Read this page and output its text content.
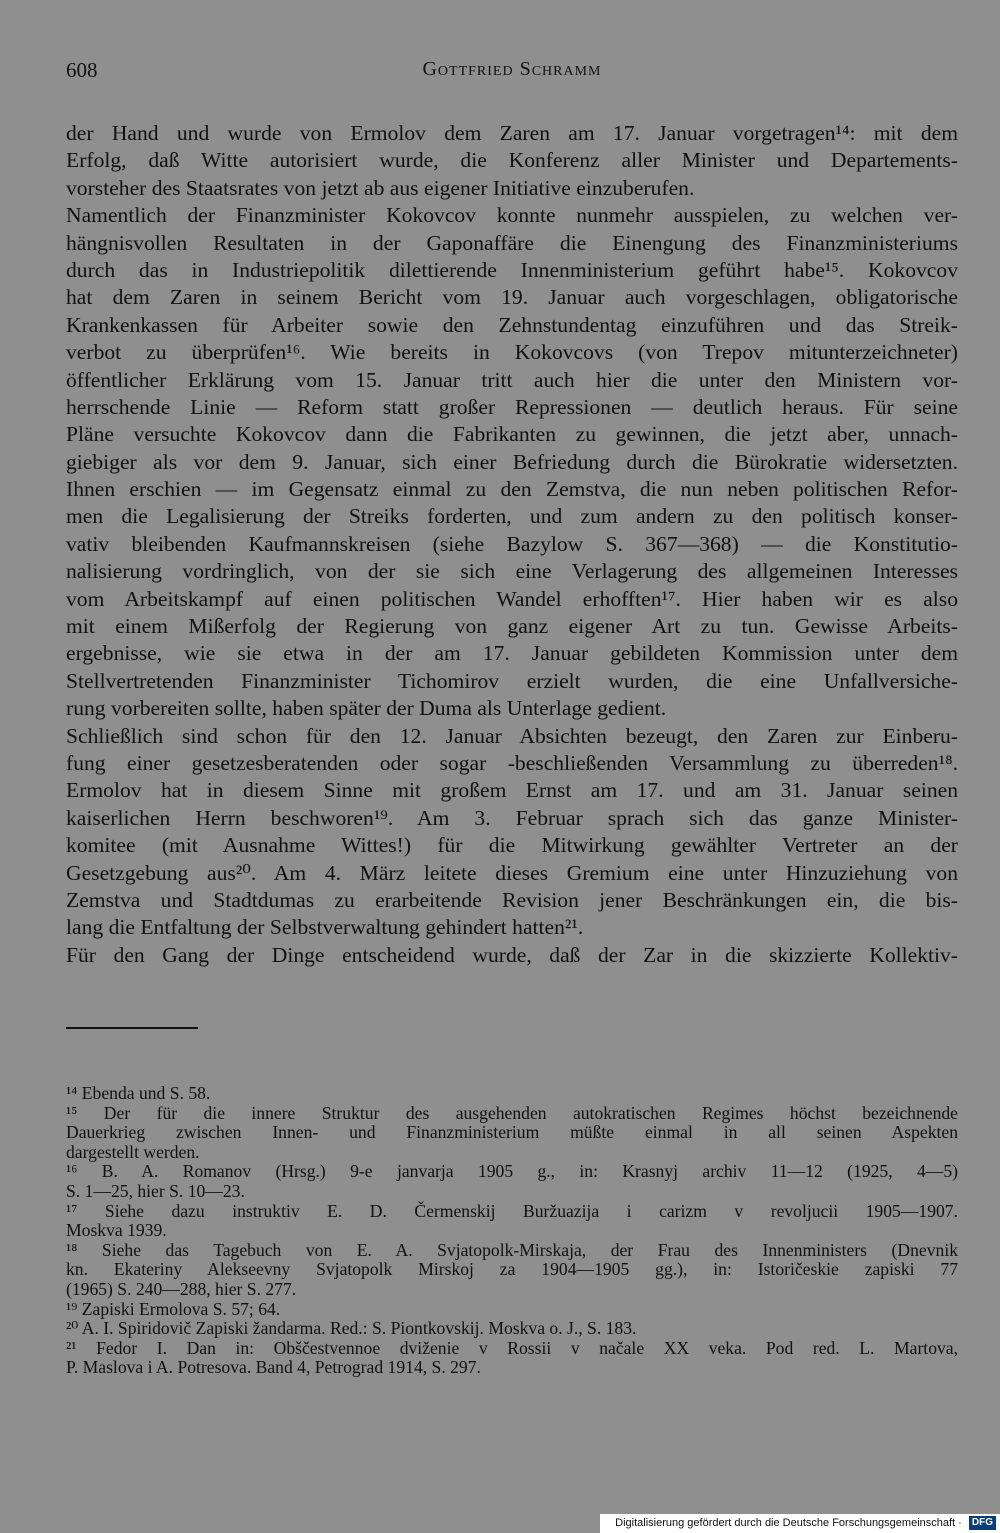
608	Gottfried Schramm
der Hand und wurde von Ermolov dem Zaren am 17. Januar vorgetragen¹⁴: mit dem
Erfolg, daß Witte autorisiert wurde, die Konferenz aller Minister und Departements-
vorsteher des Staatsrates von jetzt ab aus eigener Initiative einzuberufen.
Namentlich der Finanzminister Kokovcov konnte nunmehr ausspielen, zu welchen ver-
hängnisvollen Resultaten in der Gaponaffäre die Einengung des Finanzministeriums
durch das in Industriepolitik dilettierende Innenministerium geführt habe¹⁵. Kokovcov
hat dem Zaren in seinem Bericht vom 19. Januar auch vorgeschlagen, obligatorische
Krankenkassen für Arbeiter sowie den Zehnstundentag einzuführen und das Streik-
verbot zu überprüfen¹⁶. Wie bereits in Kokovcovs (von Trepov mitunterzeichneter)
öffentlicher Erklärung vom 15. Januar tritt auch hier die unter den Ministern vor-
herrschende Linie — Reform statt großer Repressionen — deutlich heraus. Für seine
Pläne versuchte Kokovcov dann die Fabrikanten zu gewinnen, die jetzt aber, unnach-
giebiger als vor dem 9. Januar, sich einer Befriedung durch die Bürokratie widersetzten.
Ihnen erschien — im Gegensatz einmal zu den Zemstva, die nun neben politischen Refor-
men die Legalisierung der Streiks forderten, und zum andern zu den politisch konser-
vativ bleibenden Kaufmannskreisen (siehe Bazylow S. 367—368) — die Konstitutio-
nalisierung vordringlich, von der sie sich eine Verlagerung des allgemeinen Interesses
vom Arbeitskampf auf einen politischen Wandel erhofften¹⁷. Hier haben wir es also
mit einem Mißerfolg der Regierung von ganz eigener Art zu tun. Gewisse Arbeits-
ergebnisse, wie sie etwa in der am 17. Januar gebildeten Kommission unter dem
Stellvertretenden Finanzminister Tichomirov erzielt wurden, die eine Unfallversiche-
rung vorbereiten sollte, haben später der Duma als Unterlage gedient.
Schließlich sind schon für den 12. Januar Absichten bezeugt, den Zaren zur Einberu-
fung einer gesetzesberatenden oder sogar -beschließenden Versammlung zu überreden¹⁸.
Ermolov hat in diesem Sinne mit großem Ernst am 17. und am 31. Januar seinen
kaiserlichen Herrn beschworen¹⁹. Am 3. Februar sprach sich das ganze Minister-
komitee (mit Ausnahme Wittes!) für die Mitwirkung gewählter Vertreter an der
Gesetzgebung aus²⁰. Am 4. März leitete dieses Gremium eine unter Hinzuziehung von
Zemstva und Stadtdumas zu erarbeitende Revision jener Beschränkungen ein, die bis-
lang die Entfaltung der Selbstverwaltung gehindert hatten²¹.
Für den Gang der Dinge entscheidend wurde, daß der Zar in die skizzierte Kollektiv-
¹⁴ Ebenda und S. 58.
¹⁵ Der für die innere Struktur des ausgehenden autokratischen Regimes höchst bezeichnende
Dauerkrieg zwischen Innen- und Finanzministerium müßte einmal in all seinen Aspekten
dargestellt werden.
¹⁶ B. A. Romanov (Hrsg.) 9-e janvarja 1905 g., in: Krasnyj archiv 11—12 (1925, 4—5)
S. 1—25, hier S. 10—23.
¹⁷ Siehe dazu instruktiv E. D. Čermenskij Buržuazija i carizm v revoljucii 1905—1907.
Moskva 1939.
¹⁸ Siehe das Tagebuch von E. A. Svjatopolk-Mirskaja, der Frau des Innenministers (Dnevnik
kn. Ekateriny Alekseevny Svjatopolk Mirskoj za 1904—1905 gg.), in: Istoričeskie zapiski 77
(1965) S. 240—288, hier S. 277.
¹⁹ Zapiski Ermolova S. 57; 64.
²⁰ A. I. Spiridovič Zapiski žandarma. Red.: S. Piontkovskij. Moskva o. J., S. 183.
²¹ Fedor I. Dan in: Obščestvennoe dviženie v Rossii v načale XX veka. Pod red. L. Martova,
P. Maslova i A. Potresova. Band 4, Petrograd 1914, S. 297.
Digitalisierung gefördert durch die Deutsche Forschungsgemeinschaft · DFG
